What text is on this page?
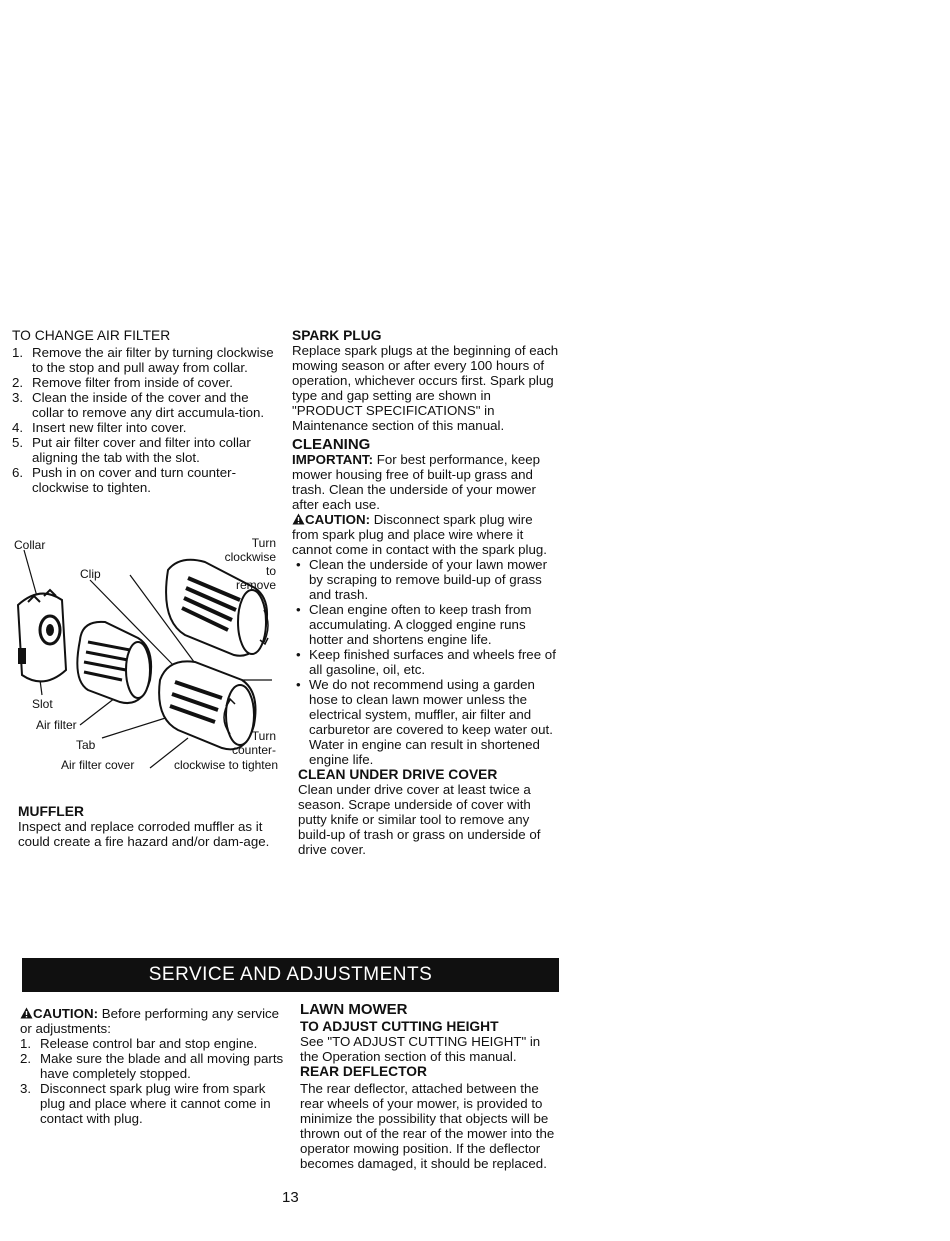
TO CHANGE AIR FILTER
1. Remove the air filter by turning clockwise to the stop and pull away from collar.
2. Remove filter from inside of cover.
3. Clean the inside of the cover and the collar to remove any dirt accumula-tion.
4. Insert new filter into cover.
5. Put air filter cover and filter into collar aligning the tab with the slot.
6. Push in on cover and turn counter-clockwise to tighten.
Collar
Clip
Turn
clockwise
to
remove
Slot
Air filter
Tab
Turn
counter-
clockwise to tighten
Air filter cover
MUFFLER

Inspect and replace corroded muffler as it could create a fire hazard and/or dam-age.

SPARK PLUG

Replace spark plugs at the beginning of each mowing season or after every 100 hours of operation, whichever occurs first. Spark plug type and gap setting are shown in "PRODUCT SPECIFICATIONS" in Maintenance section of this manual.

CLEANING

IMPORTANT: For best performance, keep mower housing free of built-up grass and trash. Clean the underside of your mower after each use.

CAUTION: Disconnect spark plug wire from spark plug and place wire where it cannot come in contact with the spark plug.

• Clean the underside of your lawn mower by scraping to remove build-up of grass and trash.
• Clean engine often to keep trash from accumulating. A clogged engine runs hotter and shortens engine life.
• Keep finished surfaces and wheels free of all gasoline, oil, etc.
• We do not recommend using a garden hose to clean lawn mower unless the electrical system, muffler, air filter and carburetor are covered to keep water out. Water in engine can result in shortened engine life.
CLEAN UNDER DRIVE COVER

Clean under drive cover at least twice a season. Scrape underside of cover with putty knife or similar tool to remove any build-up of trash or grass on underside of drive cover.

SERVICE AND ADJUSTMENTS

CAUTION: Before performing any service or adjustments:

1. Release control bar and stop engine.
2. Make sure the blade and all moving parts have completely stopped.
3. Disconnect spark plug wire from spark plug and place where it cannot come in contact with plug.
LAWN MOWER
TO ADJUST CUTTING HEIGHT

See "TO ADJUST CUTTING HEIGHT" in the Operation section of this manual.

REAR DEFLECTOR

The rear deflector, attached between the rear wheels of your mower, is provided to minimize the possibility that objects will be thrown out of the rear of the mower into the operator mowing position. If the deflector becomes damaged, it should be replaced.

13
